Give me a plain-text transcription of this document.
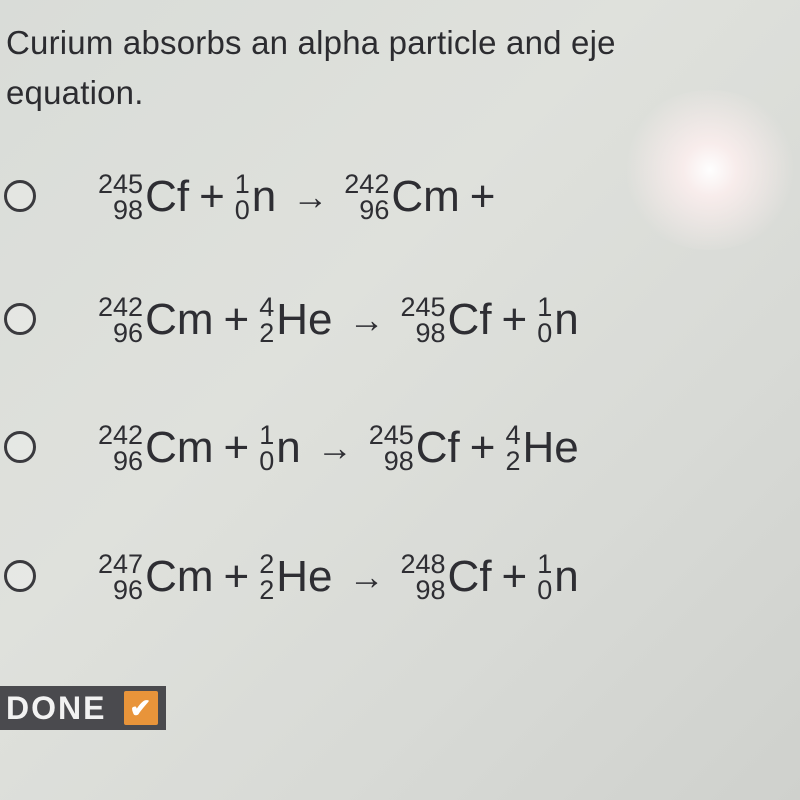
Curium absorbs an alpha particle and eje
equation.
245
98 Cf + 1
0 n → 242
96 Cm +
242
96 Cm + 4
2 He → 245
98 Cf + 1
0 n
242
96 Cm + 1
0 n → 245
98 Cf + 4
2 He
247
96 Cm + 2
2 He → 248
98 Cf + 1
0 n
DONE ✔
